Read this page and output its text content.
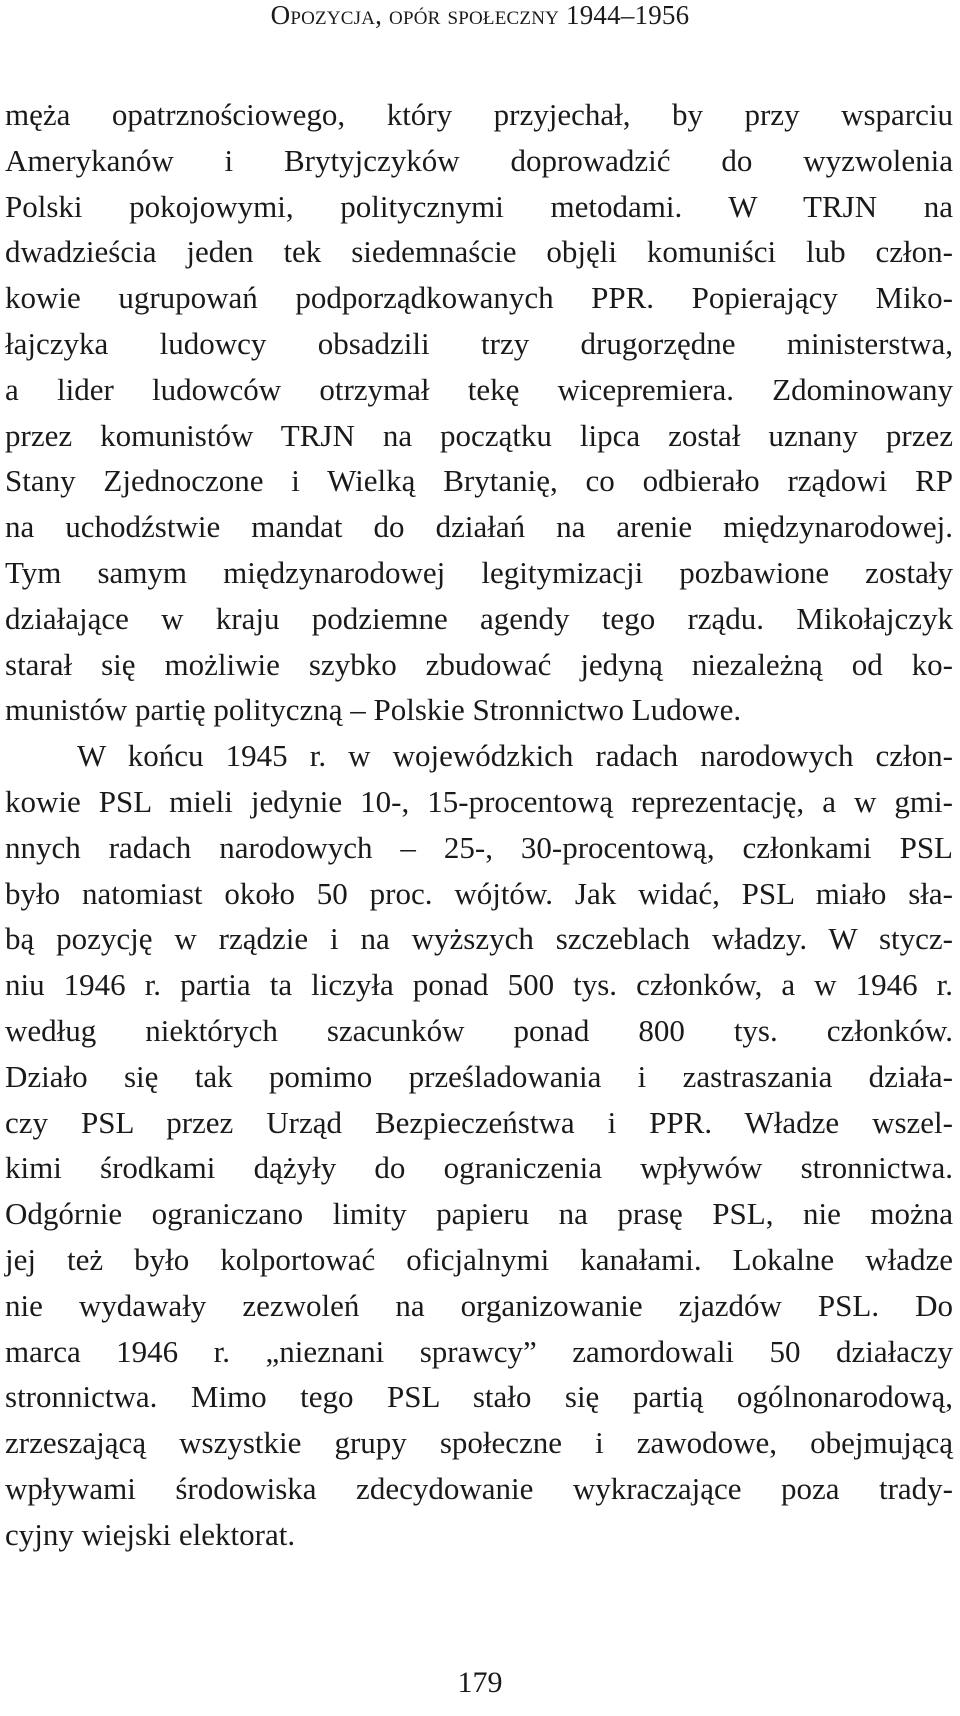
Opozycja, opór społeczny 1944–1956
męża opatrznościowego, który przyjechał, by przy wsparciu
Amerykanów i Brytyjczyków doprowadzić do wyzwolenia
Polski pokojowymi, politycznymi metodami. W TRJN na
dwadzieścia jeden tek siedemnaście objęli komuniści lub człon-
kowie ugrupowań podporządkowanych PPR. Popierający Miko-
łajczyka ludowcy obsadzili trzy drugorzędne ministerstwa,
a lider ludowców otrzymał tekę wicepremiera. Zdominowany
przez komunistów TRJN na początku lipca został uznany przez
Stany Zjednoczone i Wielką Brytanię, co odbierało rządowi RP
na uchodźstwie mandat do działań na arenie międzynarodowej.
Tym samym międzynarodowej legitymizacji pozbawione zostały
działające w kraju podziemne agendy tego rządu. Mikołajczyk
starał się możliwie szybko zbudować jedyną niezależną od ko-
munistów partię polityczną – Polskie Stronnictwo Ludowe.
W końcu 1945 r. w wojewódzkich radach narodowych człon-
kowie PSL mieli jedynie 10-, 15-procentową reprezentację, a w gmi-
nnych radach narodowych – 25-, 30-procentową, członkami PSL
było natomiast około 50 proc. wójtów. Jak widać, PSL miało sła-
bą pozycję w rządzie i na wyższych szczeblach władzy. W stycz-
niu 1946 r. partia ta liczyła ponad 500 tys. członków, a w 1946 r.
według niektórych szacunków ponad 800 tys. członków.
Działo się tak pomimo prześladowania i zastraszania działa-
czy PSL przez Urząd Bezpieczeństwa i PPR. Władze wszel-
kimi środkami dążyły do ograniczenia wpływów stronnictwa.
Odgórnie ograniczano limity papieru na prasę PSL, nie można
jej też było kolportować oficjalnymi kanałami. Lokalne władze
nie wydawały zezwoleń na organizowanie zjazdów PSL. Do
marca 1946 r. „nieznani sprawcy” zamordowali 50 działaczy
stronnictwa. Mimo tego PSL stało się partią ogólnonarodową,
zrzeszającą wszystkie grupy społeczne i zawodowe, obejmującą
wpływami środowiska zdecydowanie wykraczające poza trady-
cyjny wiejski elektorat.
179
